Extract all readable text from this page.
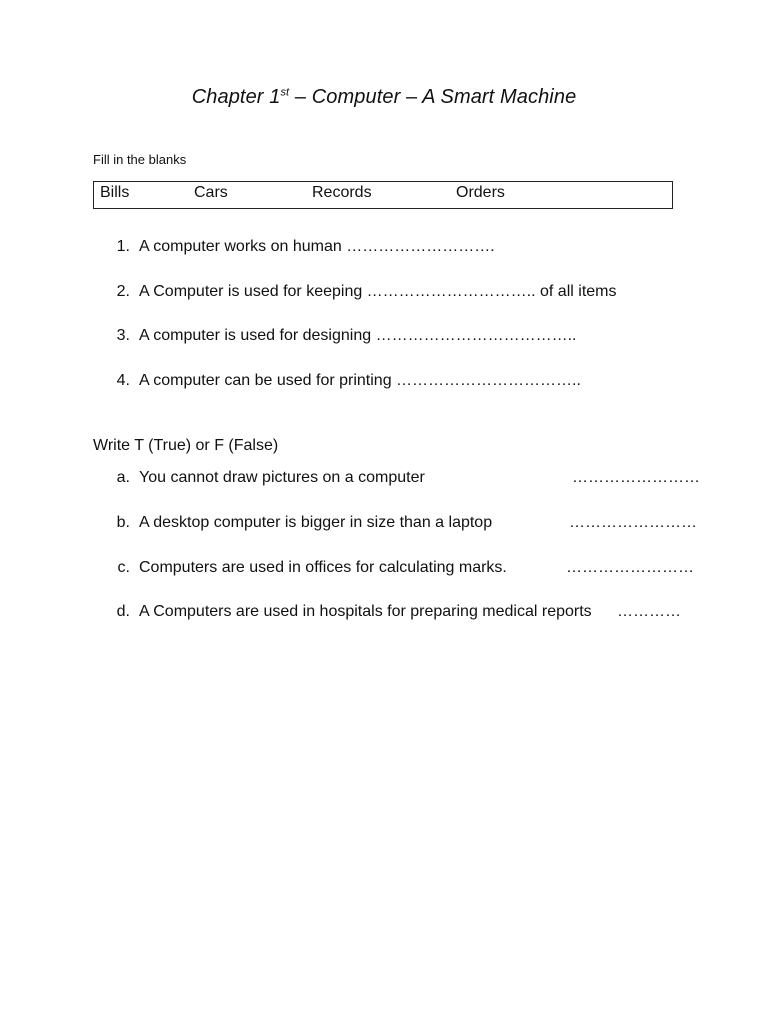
Chapter 1st – Computer – A Smart Machine
Fill in the blanks
Bills	Cars	Records	Orders
1. A computer works on human ……………………….
2. A Computer is used for keeping ………………………….. of all items
3. A computer is used for designing ………………………………..
4. A computer can be used for printing ……………………………..
Write T (True) or F (False)
a. You cannot draw pictures on a computer	……………………
b. A desktop computer is bigger in size than a laptop	……………………
c. Computers are used in offices for calculating marks.	……………………
d. A Computers are used in hospitals for preparing medical reports …………
